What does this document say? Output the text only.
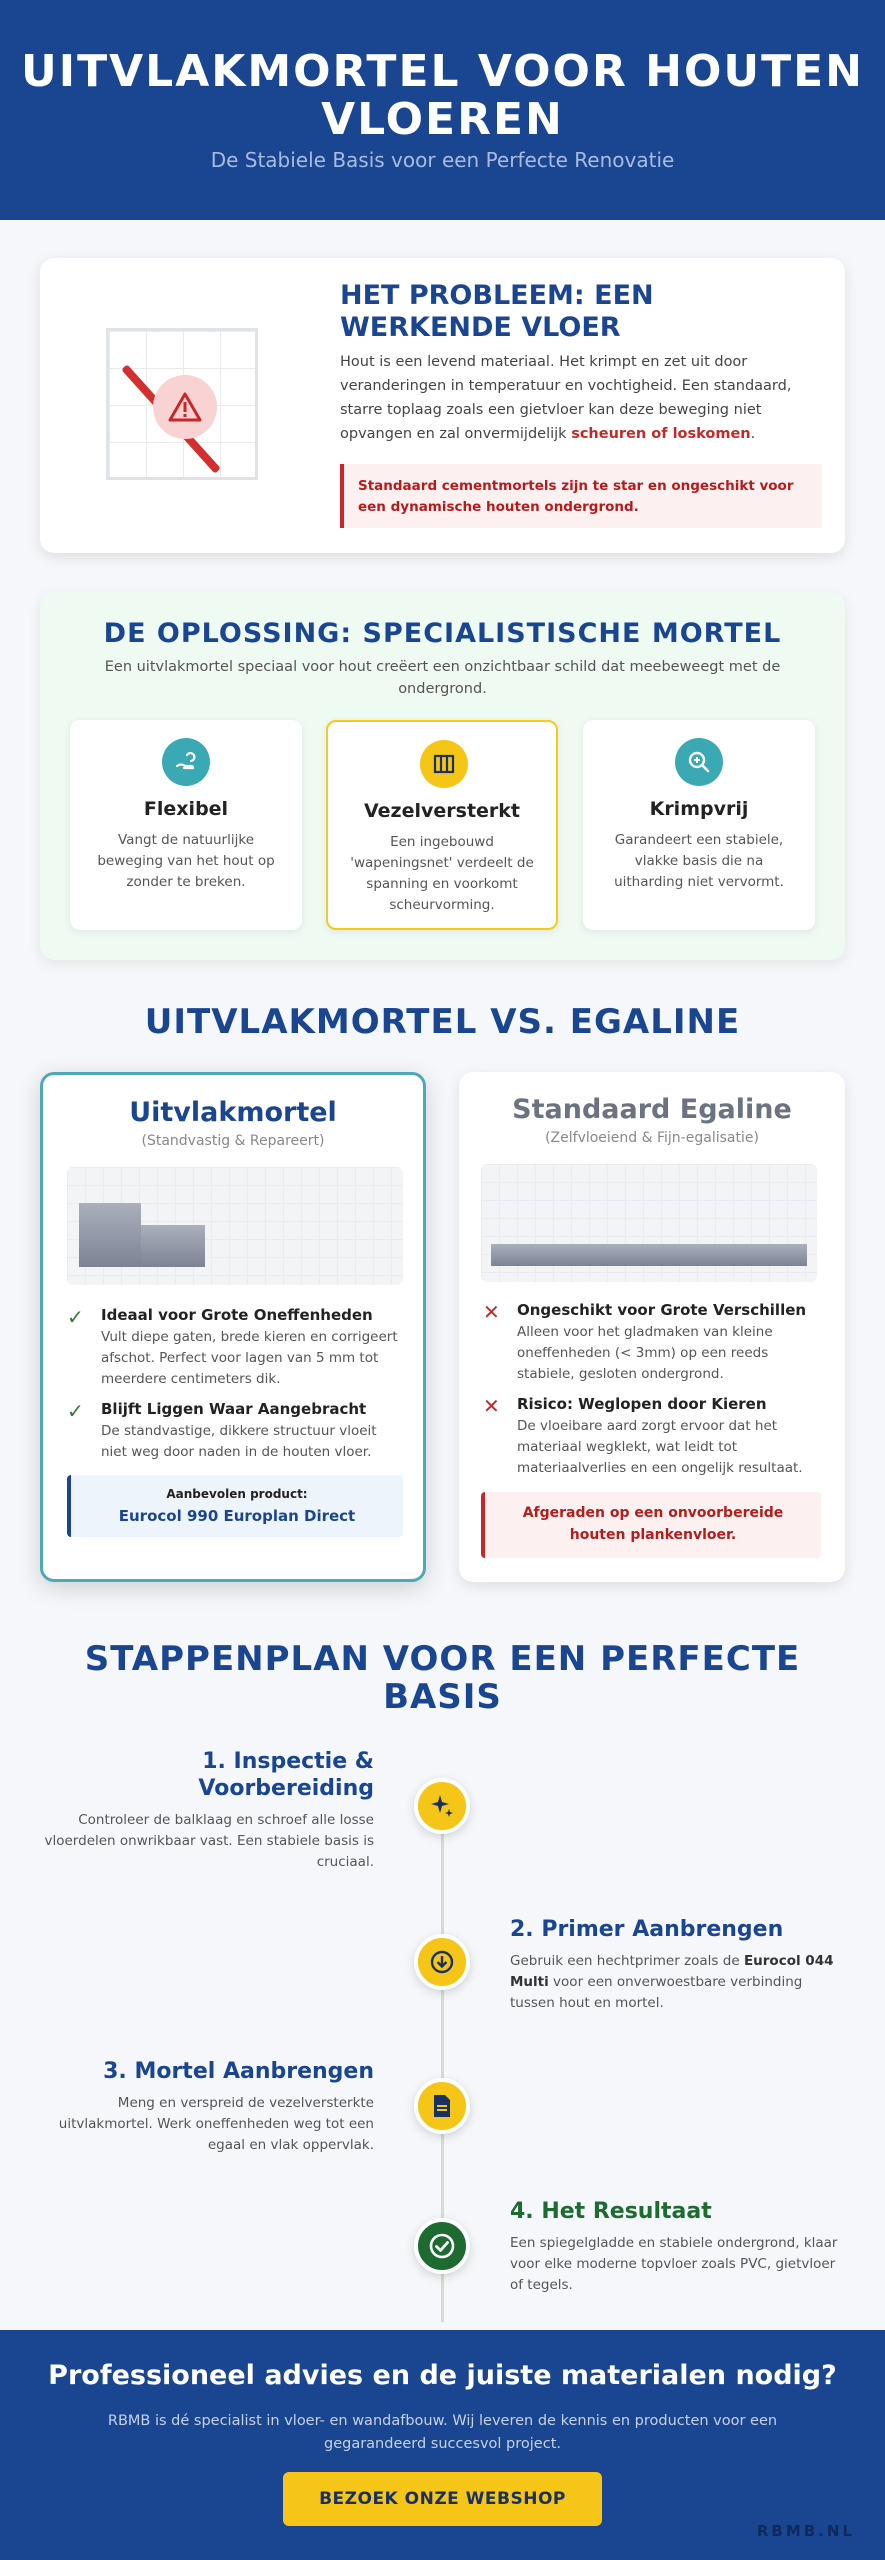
UITVLAKMORTEL VOOR HOUTEN VLOEREN
De Stabiele Basis voor een Perfecte Renovatie
HET PROBLEEM: EEN WERKENDE VLOER
Hout is een levend materiaal. Het krimpt en zet uit door veranderingen in temperatuur en vochtigheid. Een standaard, starre toplaag zoals een gietvloer kan deze beweging niet opvangen en zal onvermijdelijk scheuren of loskomen.
Standaard cementmortels zijn te star en ongeschikt voor een dynamische houten ondergrond.
DE OPLOSSING: SPECIALISTISCHE MORTEL
Een uitvlakmortel speciaal voor hout creëert een onzichtbaar schild dat meebeweegt met de ondergrond.
Flexibel

Vangt de natuurlijke beweging van het hout op zonder te breken.

Vezelversterkt

Een ingebouwd 'wapeningsnet' verdeelt de spanning en voorkomt scheurvorming.

Krimpvrij

Garandeert een stabiele, vlakke basis die na uitharding niet vervormt.

UITVLAKMORTEL VS. EGALINE
Uitvlakmortel
(Standvastig & Repareert)
✓ Ideaal voor Grote Oneffenheden

Vult diepe gaten, brede kieren en corrigeert afschot. Perfect voor lagen van 5 mm tot meerdere centimeters dik.

✓ Blijft Liggen Waar Aangebracht

De standvastige, dikkere structuur vloeit niet weg door naden in de houten vloer.

Aanbevolen product:
Eurocol 990 Europlan Direct
Standaard Egaline
(Zelfvloeiend & Fijn-egalisatie)
✕ Ongeschikt voor Grote Verschillen

Alleen voor het gladmaken van kleine oneffenheden (< 3mm) op een reeds stabiele, gesloten ondergrond.

✕ Risico: Weglopen door Kieren

De vloeibare aard zorgt ervoor dat het materiaal wegklekt, wat leidt tot materiaalverlies en een ongelijk resultaat.

Afgeraden op een onvoorbereide houten plankenvloer.
STAPPENPLAN VOOR EEN PERFECTE BASIS
1. Inspectie & Voorbereiding

Controleer de balklaag en schroef alle losse vloerdelen onwrikbaar vast. Een stabiele basis is cruciaal.

2. Primer Aanbrengen

Gebruik een hechtprimer zoals de Eurocol 044 Multi voor een onverwoestbare verbinding tussen hout en mortel.

3. Mortel Aanbrengen

Meng en verspreid de vezelversterkte uitvlakmortel. Werk oneffenheden weg tot een egaal en vlak oppervlak.

4. Het Resultaat

Een spiegelgladde en stabiele ondergrond, klaar voor elke moderne topvloer zoals PVC, gietvloer of tegels.

Professioneel advies en de juiste materialen nodig?

RBMB is dé specialist in vloer- en wandafbouw. Wij leveren de kennis en producten voor een gegarandeerd succesvol project.

BEZOEK ONZE WEBSHOP
RBMB.NL
